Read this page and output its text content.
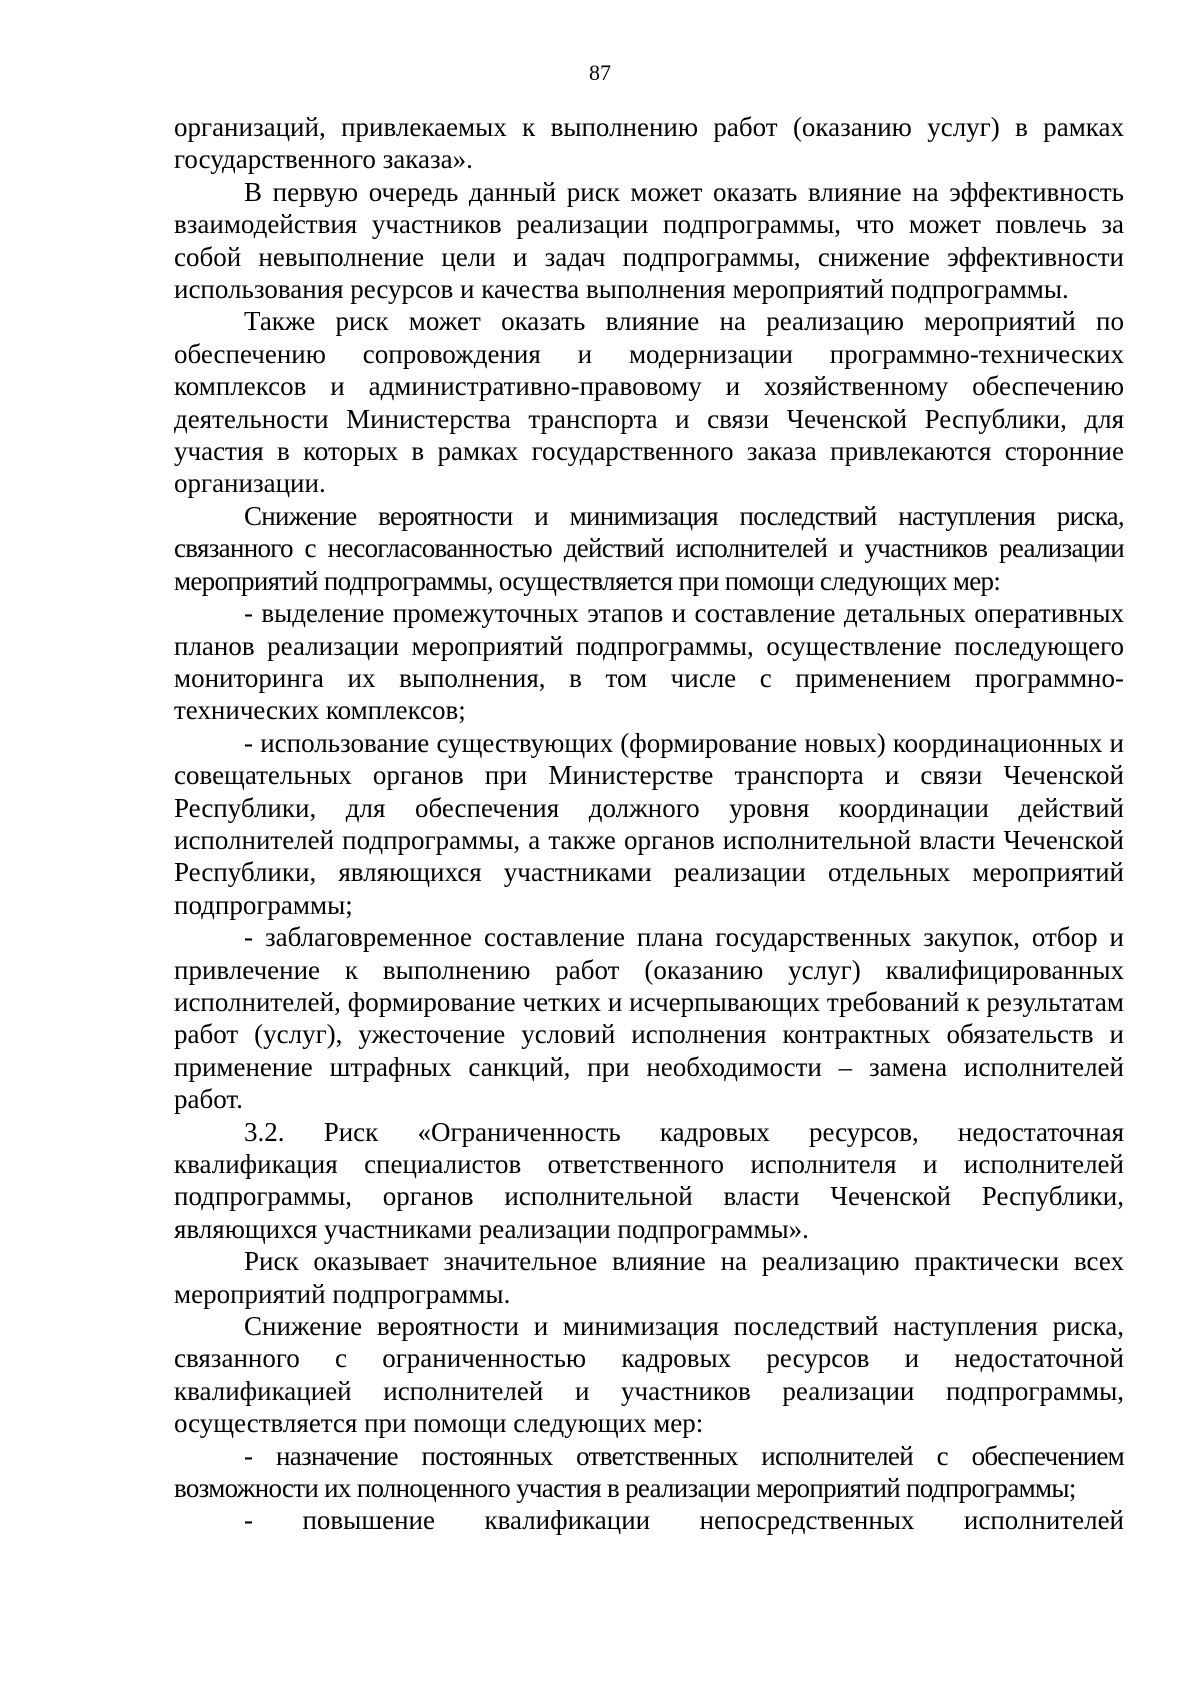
87

организаций, привлекаемых к выполнению работ (оказанию услуг) в рамках государственного заказа».

В первую очередь данный риск может оказать влияние на эффективность взаимодействия участников реализации подпрограммы, что может повлечь за собой невыполнение цели и задач подпрограммы, снижение эффективности использования ресурсов и качества выполнения мероприятий подпрограммы.

Также риск может оказать влияние на реализацию мероприятий по обеспечению сопровождения и модернизации программно-технических комплексов и административно-правовому и хозяйственному обеспечению деятельности Министерства транспорта и связи Чеченской Республики, для участия в которых в рамках государственного заказа привлекаются сторонние организации.

Снижение вероятности и минимизация последствий наступления риска, связанного с несогласованностью действий исполнителей и участников реализации мероприятий подпрограммы, осуществляется при помощи следующих мер:

- выделение промежуточных этапов и составление детальных оперативных планов реализации мероприятий подпрограммы, осуществление последующего мониторинга их выполнения, в том числе с применением программно-технических комплексов;

- использование существующих (формирование новых) координационных и совещательных органов при Министерстве транспорта и связи Чеченской Республики, для обеспечения должного уровня координации действий исполнителей подпрограммы, а также органов исполнительной власти Чеченской Республики, являющихся участниками реализации отдельных мероприятий подпрограммы;

- заблаговременное составление плана государственных закупок, отбор и привлечение к выполнению работ (оказанию услуг) квалифицированных исполнителей, формирование четких и исчерпывающих требований к результатам работ (услуг), ужесточение условий исполнения контрактных обязательств и применение штрафных санкций, при необходимости – замена исполнителей работ.

3.2. Риск «Ограниченность кадровых ресурсов, недостаточная квалификация специалистов ответственного исполнителя и исполнителей подпрограммы, органов исполнительной власти Чеченской Республики, являющихся участниками реализации подпрограммы».

Риск оказывает значительное влияние на реализацию практически всех мероприятий подпрограммы.

Снижение вероятности и минимизация последствий наступления риска, связанного с ограниченностью кадровых ресурсов и недостаточной квалификацией исполнителей и участников реализации подпрограммы, осуществляется при помощи следующих мер:

- назначение постоянных ответственных исполнителей с обеспечением возможности их полноценного участия в реализации мероприятий подпрограммы;

- повышение квалификации непосредственных исполнителей
